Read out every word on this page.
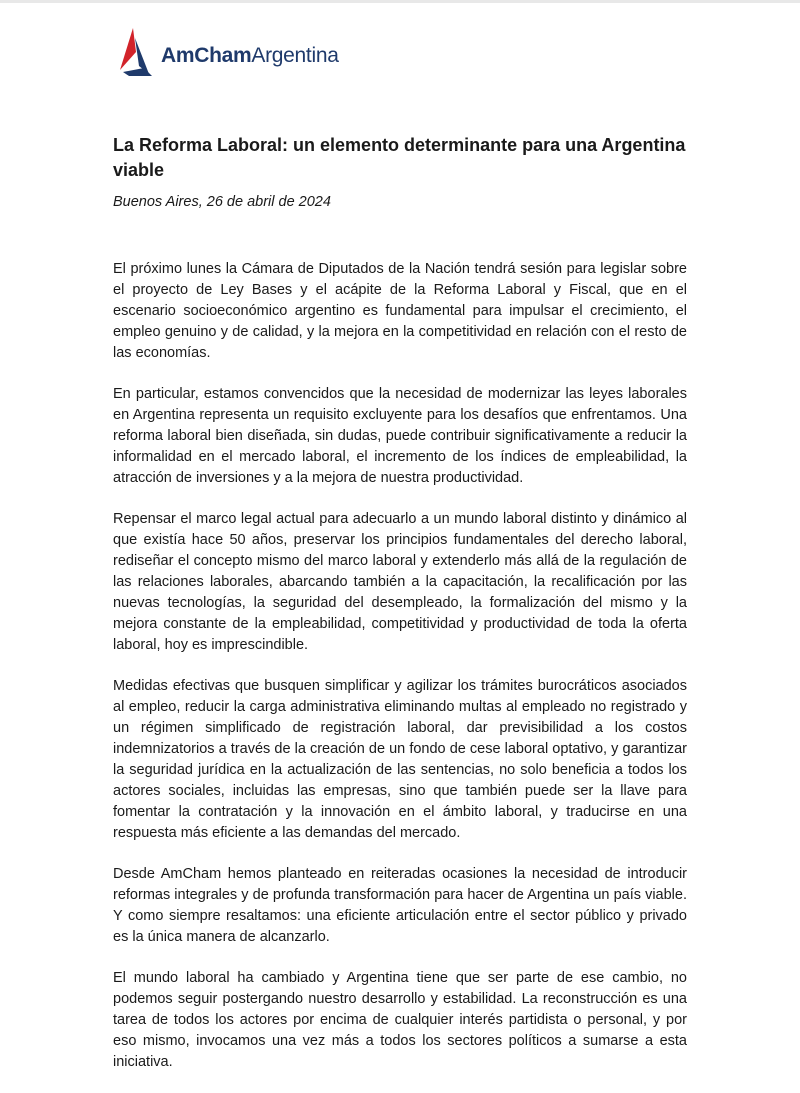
AmChamArgentina
La Reforma Laboral: un elemento determinante para una Argentina viable

Buenos Aires, 26 de abril de 2024

El próximo lunes la Cámara de Diputados de la Nación tendrá sesión para legislar sobre el proyecto de Ley Bases y el acápite de la Reforma Laboral y Fiscal, que en el escenario socioeconómico argentino es fundamental para impulsar el crecimiento, el empleo genuino y de calidad, y la mejora en la competitividad en relación con el resto de las economías.

En particular, estamos convencidos que la necesidad de modernizar las leyes laborales en Argentina representa un requisito excluyente para los desafíos que enfrentamos. Una reforma laboral bien diseñada, sin dudas, puede contribuir significativamente a reducir la informalidad en el mercado laboral, el incremento de los índices de empleabilidad, la atracción de inversiones y a la mejora de nuestra productividad.

Repensar el marco legal actual para adecuarlo a un mundo laboral distinto y dinámico al que existía hace 50 años, preservar los principios fundamentales del derecho laboral, rediseñar el concepto mismo del marco laboral y extenderlo más allá de la regulación de las relaciones laborales, abarcando también a la capacitación, la recalificación por las nuevas tecnologías, la seguridad del desempleado, la formalización del mismo y la mejora constante de la empleabilidad, competitividad y productividad de toda la oferta laboral, hoy es imprescindible.

Medidas efectivas que busquen simplificar y agilizar los trámites burocráticos asociados al empleo, reducir la carga administrativa eliminando multas al empleado no registrado y un régimen simplificado de registración laboral, dar previsibilidad a los costos indemnizatorios a través de la creación de un fondo de cese laboral optativo, y garantizar la seguridad jurídica en la actualización de las sentencias, no solo beneficia a todos los actores sociales, incluidas las empresas, sino que también puede ser la llave para fomentar la contratación y la innovación en el ámbito laboral, y traducirse en una respuesta más eficiente a las demandas del mercado.

Desde AmCham hemos planteado en reiteradas ocasiones la necesidad de introducir reformas integrales y de profunda transformación para hacer de Argentina un país viable. Y como siempre resaltamos: una eficiente articulación entre el sector público y privado es la única manera de alcanzarlo.

El mundo laboral ha cambiado y Argentina tiene que ser parte de ese cambio, no podemos seguir postergando nuestro desarrollo y estabilidad. La reconstrucción es una tarea de todos los actores por encima de cualquier interés partidista o personal, y por eso mismo, invocamos una vez más a todos los sectores políticos a sumarse a esta iniciativa.
